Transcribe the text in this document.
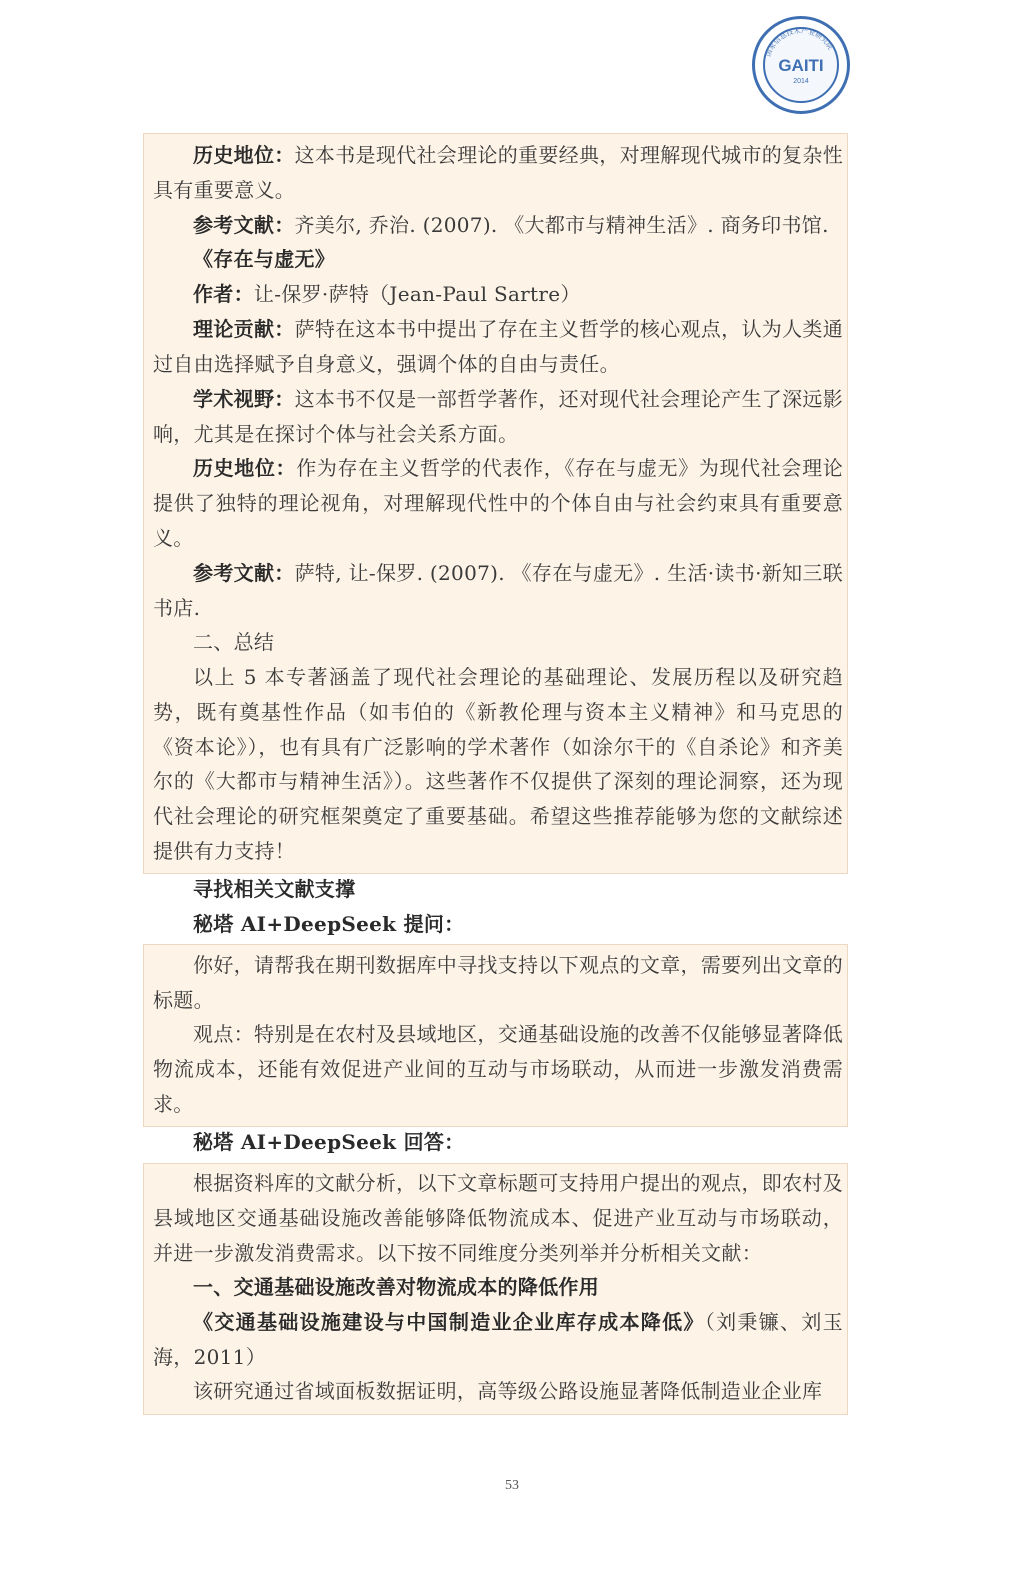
国家信息技术产业研究院
GAITI
2014

历史地位：这本书是现代社会理论的重要经典，对理解现代城市的复杂性具有重要意义。

参考文献：齐美尔, 乔治. (2007). 《大都市与精神生活》. 商务印书馆.

《存在与虚无》

作者：让-保罗·萨特（Jean-Paul Sartre）

理论贡献：萨特在这本书中提出了存在主义哲学的核心观点，认为人类通过自由选择赋予自身意义，强调个体的自由与责任。

学术视野：这本书不仅是一部哲学著作，还对现代社会理论产生了深远影响，尤其是在探讨个体与社会关系方面。

历史地位：作为存在主义哲学的代表作，《存在与虚无》为现代社会理论提供了独特的理论视角，对理解现代性中的个体自由与社会约束具有重要意义。

参考文献：萨特, 让-保罗. (2007). 《存在与虚无》. 生活·读书·新知三联书店.

二、总结

以上 5 本专著涵盖了现代社会理论的基础理论、发展历程以及研究趋势，既有奠基性作品（如韦伯的《新教伦理与资本主义精神》和马克思的《资本论》），也有具有广泛影响的学术著作（如涂尔干的《自杀论》和齐美尔的《大都市与精神生活》）。这些著作不仅提供了深刻的理论洞察，还为现代社会理论的研究框架奠定了重要基础。希望这些推荐能够为您的文献综述提供有力支持！

寻找相关文献支撑

秘塔 AI+DeepSeek 提问：

你好，请帮我在期刊数据库中寻找支持以下观点的文章，需要列出文章的标题。

观点：特别是在农村及县域地区，交通基础设施的改善不仅能够显著降低物流成本，还能有效促进产业间的互动与市场联动，从而进一步激发消费需求。

秘塔 AI+DeepSeek 回答：

根据资料库的文献分析，以下文章标题可支持用户提出的观点，即农村及县域地区交通基础设施改善能够降低物流成本、促进产业互动与市场联动，并进一步激发消费需求。以下按不同维度分类列举并分析相关文献：

一、交通基础设施改善对物流成本的降低作用

《交通基础设施建设与中国制造业企业库存成本降低》（刘秉镰、刘玉海，2011）

该研究通过省域面板数据证明，高等级公路设施显著降低制造业企业库

53
